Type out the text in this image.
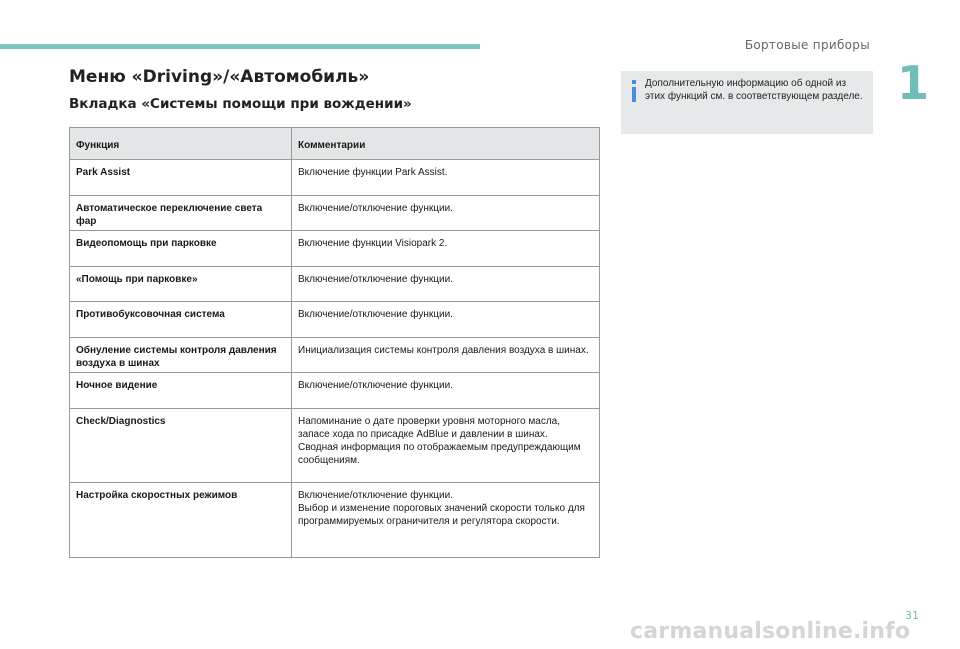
Бортовые приборы
1
Меню «Driving»/«Автомобиль»
Вкладка «Системы помощи при вождении»
Дополнительную информацию об одной из этих функций см. в соответствующем разделе.
Функция	Комментарии
Park Assist	Включение функции Park Assist.
Автоматическое переключение света фар	Включение/отключение функции.
Видеопомощь при парковке	Включение функции Visiopark 2.
«Помощь при парковке»	Включение/отключение функции.
Противобуксовочная система	Включение/отключение функции.
Обнуление системы контроля давления воздуха в шинах	Инициализация системы контроля давления воздуха в шинах.
Ночное видение	Включение/отключение функции.
Check/Diagnostics	Напоминание о дате проверки уровня моторного масла,
запасе хода по присадке AdBlue и давлении в шинах.
Сводная информация по отображаемым предупреждающим сообщениям.
Настройка скоростных режимов	Включение/отключение функции.
Выбор и изменение пороговых значений скорости только для программируемых ограничителя и регулятора скорости.
31
carmanualsonline.info
